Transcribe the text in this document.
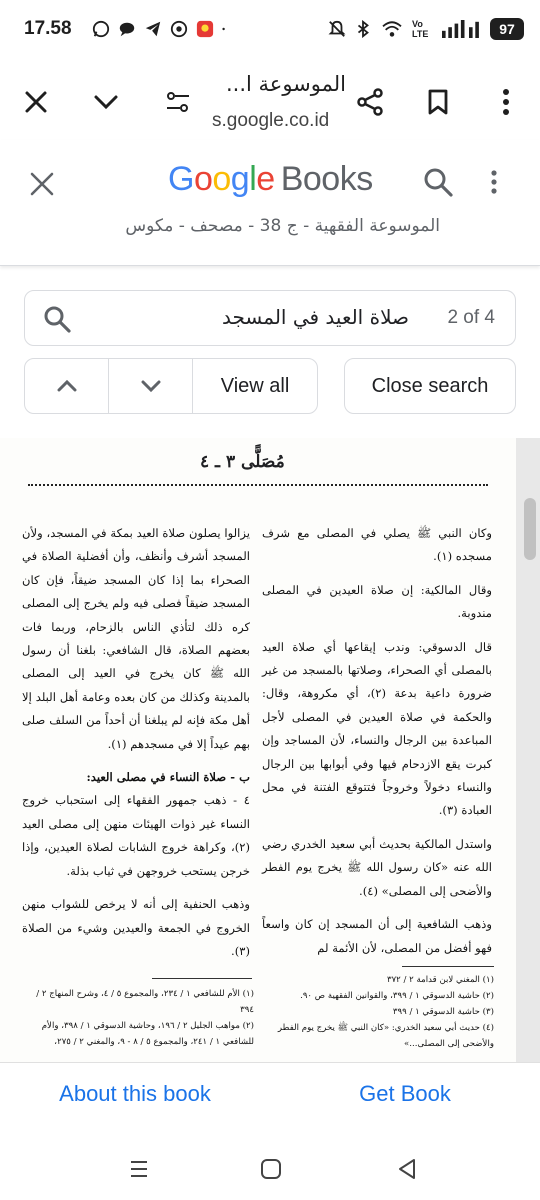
17.58	Vo LTE	97
الموسوعة ا...
s.google.co.id
Google Books
الموسوعة الفقهية - ج 38 - مصحف - مكوس
صلاة العيد في المسجد 2 of 4
View all	Close search
مُصَلًّى ٣ ـ ٤

وكان النبي ﷺ يصلي في المصلى مع شرف مسجده (١).

وقال المالكية: إن صلاة العيدين في المصلى مندوبة.

قال الدسوقي: وندب إيقاعها أي صلاة العيد بالمصلى أي الصحراء، وصلاتها بالمسجد من غير ضرورة داعية بدعة (٢)، أي مكروهة، وقال: والحكمة في صلاة العيدين في المصلى لأجل المباعدة بين الرجال والنساء، لأن المساجد وإن كبرت يقع الازدحام فيها وفي أبوابها بين الرجال والنساء دخولاً وخروجاً فتتوقع الفتنة في محل العبادة (٣).

واستدل المالكية بحديث أبي سعيد الخدري رضي الله عنه «كان رسول الله ﷺ يخرج يوم الفطر والأضحى إلى المصلى» (٤).

وذهب الشافعية إلى أن المسجد إن كان واسعاً فهو أفضل من المصلى، لأن الأئمة لم

يزالوا يصلون صلاة العيد بمكة في المسجد، ولأن المسجد أشرف وأنظف، وأن أفضلية الصلاة في الصحراء بما إذا كان المسجد ضيقاً، فإن كان المسجد ضيقاً فصلى فيه ولم يخرج إلى المصلى كره ذلك لتأذي الناس بالزحام، وربما فات بعضهم الصلاة، قال الشافعي: بلغنا أن رسول الله ﷺ كان يخرج في العيد إلى المصلى بالمدينة وكذلك من كان بعده وعامة أهل البلد إلا أهل مكة فإنه لم يبلغنا أن أحداً من السلف صلى بهم عيداً إلا في مسجدهم (١).

ب - صلاة النساء في مصلى العيد:

٤ - ذهب جمهور الفقهاء إلى استحباب خروج النساء غير ذوات الهيئات منهن إلى مصلى العيد (٢)، وكراهة خروج الشابات لصلاة العيدين، وإذا خرجن يستحب خروجهن في ثياب بذلة.

وذهب الحنفية إلى أنه لا يرخص للشواب منهن الخروج في الجمعة والعيدين وشيء من الصلاة (٣).

(١) المغني لابن قدامة ٢ / ٣٧٢
(٢) حاشية الدسوقي ١ / ٣٩٩، والقوانين الفقهية ص ٩٠.
(٣) حاشية الدسوقي ١ / ٣٩٩
(٤) حديث أبي سعيد الخدري: «كان النبي ﷺ يخرج يوم الفطر والأضحى إلى المصلى...»
(١) الأم للشافعي ١ / ٢٣٤، والمجموع ٥ / ٤، وشرح المنهاج ٢ / ٣٩٤
(٢) مواهب الجليل ٢ / ١٩٦، وحاشية الدسوقي ١ / ٣٩٨، والأم للشافعي ١ / ٢٤١، والمجموع ٥ / ٨ - ٩، والمغني ٢ / ٢٧٥،
About this book	Get Book
